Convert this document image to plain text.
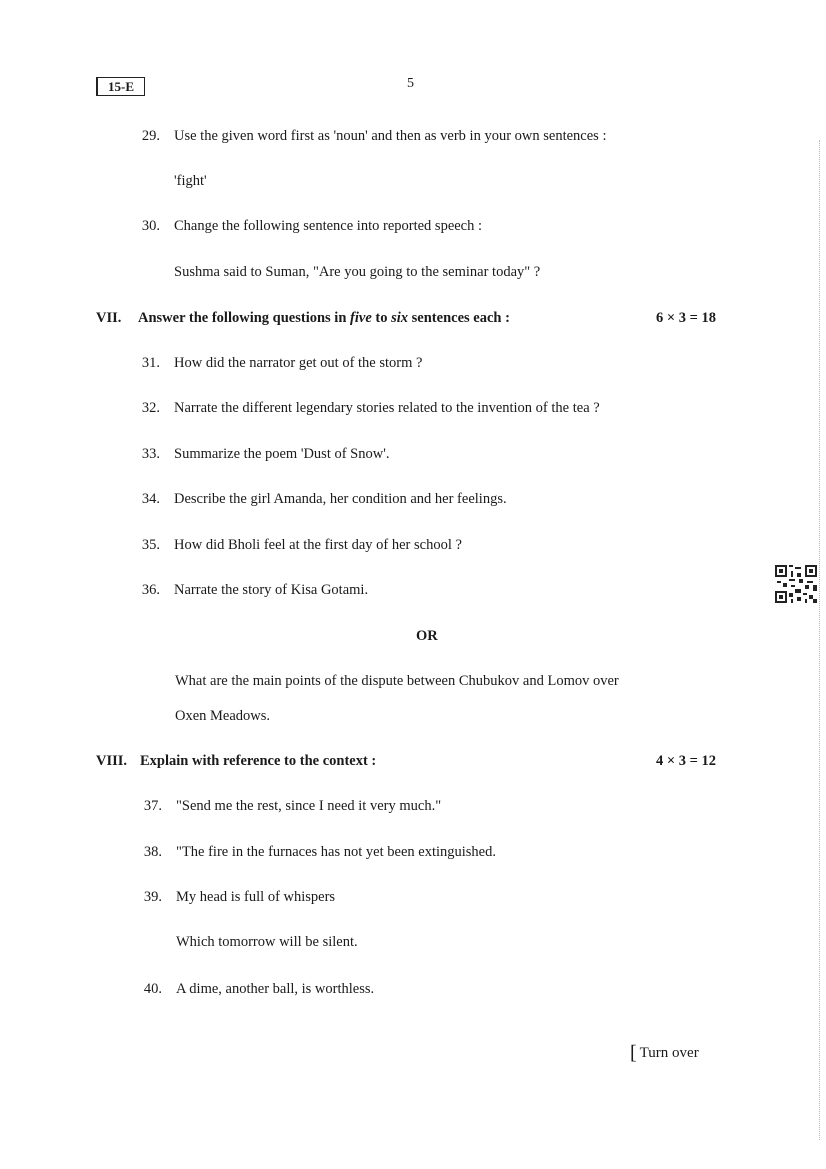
15-E	5
29. Use the given word first as 'noun' and then as verb in your own sentences :
'fight'
30. Change the following sentence into reported speech :
Sushma said to Suman, "Are you going to the seminar today" ?
VII. Answer the following questions in five to six sentences each :	6 × 3 = 18
31. How did the narrator get out of the storm ?
32. Narrate the different legendary stories related to the invention of the tea ?
33. Summarize the poem 'Dust of Snow'.
34. Describe the girl Amanda, her condition and her feelings.
35. How did Bholi feel at the first day of her school ?
36. Narrate the story of Kisa Gotami.
OR
What are the main points of the dispute between Chubukov and Lomov over
Oxen Meadows.
VIII. Explain with reference to the context :	4 × 3 = 12
37. "Send me the rest, since I need it very much."
38. "The fire in the furnaces has not yet been extinguished.
39. My head is full of whispers
Which tomorrow will be silent.
40. A dime, another ball, is worthless.
[ Turn over
